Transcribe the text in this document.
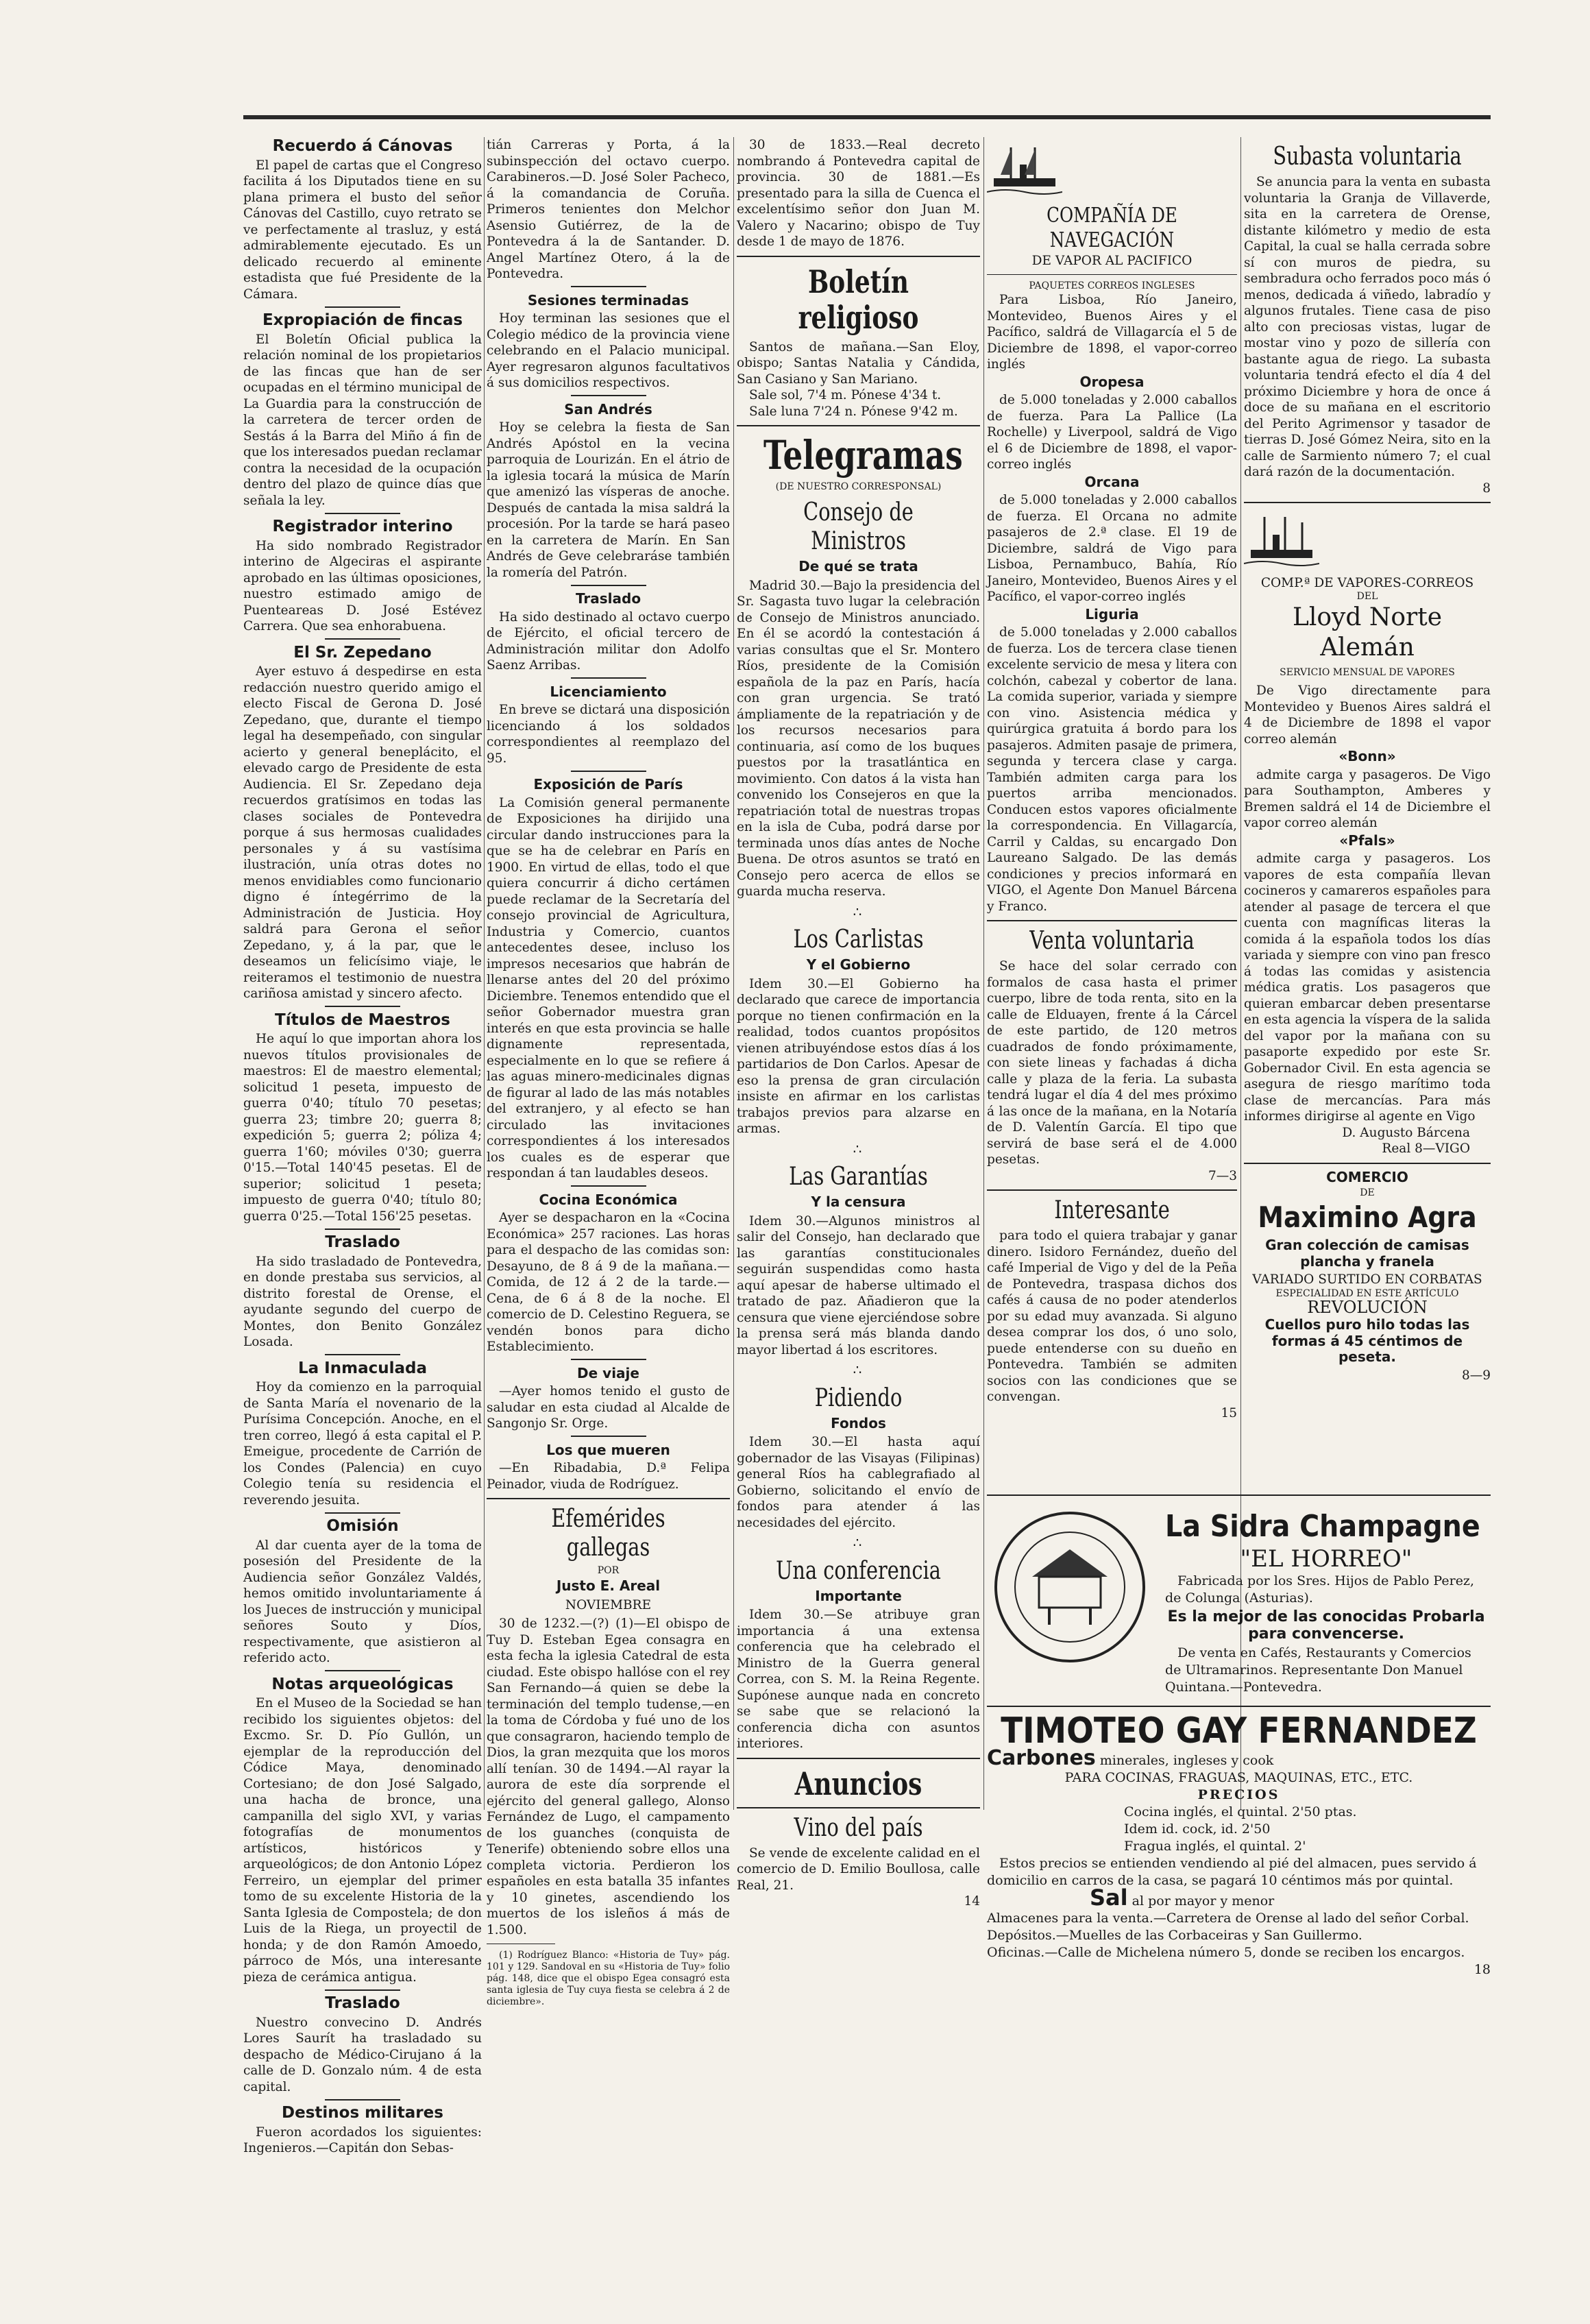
Recuerdo á Cánovas

El papel de cartas que el Congreso facilita á los Diputados tiene en su plana primera el busto del señor Cánovas del Castillo, cuyo retrato se ve perfectamente al trasluz, y está admirablemente ejecutado. Es un delicado recuerdo al eminente estadista que fué Presidente de la Cámara.

Expropiación de fincas

El Boletín Oficial publica la relación nominal de los propietarios de las fincas que han de ser ocupadas en el término municipal de La Guardia para la construcción de la carretera de tercer orden de Sestás á la Barra del Miño á fin de que los interesados puedan reclamar contra la necesidad de la ocupación dentro del plazo de quince días que señala la ley.

Registrador interino

Ha sido nombrado Registrador interino de Algeciras el aspirante aprobado en las últimas oposiciones, nuestro estimado amigo de Puenteareas D. José Estévez Carrera. Que sea enhorabuena.

El Sr. Zepedano

Ayer estuvo á despedirse en esta redacción nuestro querido amigo el electo Fiscal de Gerona D. José Zepedano, que, durante el tiempo legal ha desempeñado, con singular acierto y general beneplácito, el elevado cargo de Presidente de esta Audiencia. El Sr. Zepedano deja recuerdos gratísimos en todas las clases sociales de Pontevedra porque á sus hermosas cualidades personales y á su vastísima ilustración, unía otras dotes no menos envidiables como funcionario digno é íntegérrimo de la Administración de Justicia. Hoy saldrá para Gerona el señor Zepedano, y, á la par, que le deseamos un felicísimo viaje, le reiteramos el testimonio de nuestra cariñosa amistad y sincero afecto.

Títulos de Maestros

He aquí lo que importan ahora los nuevos títulos provisionales de maestros: El de maestro elemental; solicitud 1 peseta, impuesto de guerra 0'40; título 70 pesetas; guerra 23; timbre 20; guerra 8; expedición 5; guerra 2; póliza 4; guerra 1'60; móviles 0'30; guerra 0'15.—Total 140'45 pesetas. El de superior; solicitud 1 peseta; impuesto de guerra 0'40; título 80; guerra 0'25.—Total 156'25 pesetas.

Traslado

Ha sido trasladado de Pontevedra, en donde prestaba sus servicios, al distrito forestal de Orense, el ayudante segundo del cuerpo de Montes, don Benito González Losada.

La Inmaculada

Hoy da comienzo en la parroquial de Santa María el novenario de la Purísima Concepción. Anoche, en el tren correo, llegó á esta capital el P. Emeigue, procedente de Carrión de los Condes (Palencia) en cuyo Colegio tenía su residencia el reverendo jesuita.

Omisión

Al dar cuenta ayer de la toma de posesión del Presidente de la Audiencia señor González Valdés, hemos omitido involuntariamente á los Jueces de instrucción y municipal señores Souto y Díos, respectivamente, que asistieron al referido acto.

Notas arqueológicas

En el Museo de la Sociedad se han recibido los siguientes objetos: del Excmo. Sr. D. Pío Gullón, un ejemplar de la reproducción del Códice Maya, denominado Cortesiano; de don José Salgado, una hacha de bronce, una campanilla del siglo XVI, y varias fotografías de monumentos artísticos, históricos y arqueológicos; de don Antonio López Ferreiro, un ejemplar del primer tomo de su excelente Historia de la Santa Iglesia de Compostela; de don Luis de la Riega, un proyectil de honda; y de don Ramón Amoedo, párroco de Mós, una interesante pieza de cerámica antigua.

Traslado

Nuestro convecino D. Andrés Lores Saurít ha trasladado su despacho de Médico-Cirujano á la calle de D. Gonzalo núm. 4 de esta capital.

Destinos militares

Fueron acordados los siguientes: Ingenieros.—Capitán don Sebas-

tián Carreras y Porta, á la subinspección del octavo cuerpo. Carabineros.—D. José Soler Pacheco, á la comandancia de Coruña. Primeros tenientes don Melchor Asensio Gutiérrez, de la de Pontevedra á la de Santander. D. Angel Martínez Otero, á la de Pontevedra.

Sesiones terminadas

Hoy terminan las sesiones que el Colegio médico de la provincia viene celebrando en el Palacio municipal. Ayer regresaron algunos facultativos á sus domicilios respectivos.

San Andrés

Hoy se celebra la fiesta de San Andrés Apóstol en la vecina parroquia de Lourizán. En el átrio de la iglesia tocará la música de Marín que amenizó las vísperas de anoche. Después de cantada la misa saldrá la procesión. Por la tarde se hará paseo en la carretera de Marín. En San Andrés de Geve celebraráse también la romería del Patrón.

Traslado

Ha sido destinado al octavo cuerpo de Ejército, el oficial tercero de Administración militar don Adolfo Saenz Arribas.

Licenciamiento

En breve se dictará una disposición licenciando á los soldados correspondientes al reemplazo del 95.

Exposición de París

La Comisión general permanente de Exposiciones ha dirijido una circular dando instrucciones para la que se ha de celebrar en París en 1900. En virtud de ellas, todo el que quiera concurrir á dicho certámen puede reclamar de la Secretaría del consejo provincial de Agricultura, Industria y Comercio, cuantos antecedentes desee, incluso los impresos necesarios que habrán de llenarse antes del 20 del próximo Diciembre. Tenemos entendido que el señor Gobernador muestra gran interés en que esta provincia se halle dignamente representada, especialmente en lo que se refiere á las aguas minero-medicinales dignas de figurar al lado de las más notables del extranjero, y al efecto se han circulado las invitaciones correspondientes á los interesados los cuales es de esperar que respondan á tan laudables deseos.

Cocina Económica

Ayer se despacharon en la «Cocina Económica» 257 raciones. Las horas para el despacho de las comidas son: Desayuno, de 8 á 9 de la mañana.—Comida, de 12 á 2 de la tarde.—Cena, de 6 á 8 de la noche. El comercio de D. Celestino Reguera, se vendén bonos para dicho Establecimiento.

De viaje

—Ayer homos tenido el gusto de saludar en esta ciudad al Alcalde de Sangonjo Sr. Orge.

Los que mueren

—En Ribadabia, D.ª Felipa Peinador, viuda de Rodríguez.

Efemérides gallegas
POR
Justo E. Areal
NOVIEMBRE

30 de 1232.—(?) (1)—El obispo de Tuy D. Esteban Egea consagra en esta fecha la iglesia Catedral de esta ciudad. Este obispo hallóse con el rey San Fernando—á quien se debe la terminación del templo tudense,—en la toma de Córdoba y fué uno de los que consagraron, haciendo templo de Dios, la gran mezquita que los moros allí tenían. 30 de 1494.—Al rayar la aurora de este día sorprende el ejército del general gallego, Alonso Fernández de Lugo, el campamento de los guanches (conquista de Tenerife) obteniendo sobre ellos una completa victoria. Perdieron los españoles en esta batalla 35 infantes y 10 ginetes, ascendiendo los muertos de los isleños á más de 1.500.

(1) Rodríguez Blanco: «Historia de Tuy» pág. 101 y 129. Sandoval en su «Historia de Tuy» folio pág. 148, dice que el obispo Egea consagró esta santa iglesia de Tuy cuya fiesta se celebra á 2 de diciembre».

30 de 1833.—Real decreto nombrando á Pontevedra capital de provincia. 30 de 1881.—Es presentado para la silla de Cuenca el excelentísimo señor don Juan M. Valero y Nacarino; obispo de Tuy desde 1 de mayo de 1876.

Boletín religioso

Santos de mañana.—San Eloy, obispo; Santas Natalia y Cándida, San Casiano y San Mariano.

Sale sol, 7'4 m. Pónese 4'34 t.

Sale luna 7'24 n. Pónese 9'42 m.

Telegramas
(DE NUESTRO CORRESPONSAL)
Consejo de Ministros
De qué se trata

Madrid 30.—Bajo la presidencia del Sr. Sagasta tuvo lugar la celebración de Consejo de Ministros anunciado. En él se acordó la contestación á varias consultas que el Sr. Montero Ríos, presidente de la Comisión española de la paz en París, hacía con gran urgencia. Se trató ámpliamente de la repatriación y de los recursos necesarios para continuaria, así como de los buques puestos por la trasatlántica en movimiento. Con datos á la vista han convenido los Consejeros en que la repatriación total de nuestras tropas en la isla de Cuba, podrá darse por terminada unos días antes de Noche Buena. De otros asuntos se trató en Consejo pero acerca de ellos se guarda mucha reserva.

∴
Los Carlistas
Y el Gobierno

Idem 30.—El Gobierno ha declarado que carece de importancia porque no tienen confirmación en la realidad, todos cuantos propósitos vienen atribuyéndose estos días á los partidarios de Don Carlos. Apesar de eso la prensa de gran circulación insiste en afirmar en los carlistas trabajos previos para alzarse en armas.

∴
Las Garantías
Y la censura

Idem 30.—Algunos ministros al salir del Consejo, han declarado que las garantías constitucionales seguirán suspendidas como hasta aquí apesar de haberse ultimado el tratado de paz. Añadieron que la censura que viene ejerciéndose sobre la prensa será más blanda dando mayor libertad á los escritores.

∴
Pidiendo
Fondos

Idem 30.—El hasta aquí gobernador de las Visayas (Filipinas) general Ríos ha cablegrafiado al Gobierno, solicitando el envío de fondos para atender á las necesidades del ejército.

∴
Una conferencia
Importante

Idem 30.—Se atribuye gran importancia á una extensa conferencia que ha celebrado el Ministro de la Guerra general Correa, con S. M. la Reina Regente. Supónese aunque nada en concreto se sabe que se relacionó la conferencia dicha con asuntos interiores.

Anuncios
Vino del país

Se vende de excelente calidad en el comercio de D. Emilio Boullosa, calle Real, 21.

14
COMPAÑÍA DE NAVEGACIÓN
DE VAPOR AL PACIFICO
PAQUETES CORREOS INGLESES

Para Lisboa, Río Janeiro, Montevideo, Buenos Aires y el Pacífico, saldrá de Villagarcía el 5 de Diciembre de 1898, el vapor-correo inglés

Oropesa

de 5.000 toneladas y 2.000 caballos de fuerza. Para La Pallice (La Rochelle) y Liverpool, saldrá de Vigo el 6 de Diciembre de 1898, el vapor-correo inglés

Orcana

de 5.000 toneladas y 2.000 caballos de fuerza. El Orcana no admite pasajeros de 2.ª clase. El 19 de Diciembre, saldrá de Vigo para Lisboa, Pernambuco, Bahía, Río Janeiro, Montevideo, Buenos Aires y el Pacífico, el vapor-correo inglés

Liguria

de 5.000 toneladas y 2.000 caballos de fuerza. Los de tercera clase tienen excelente servicio de mesa y litera con colchón, cabezal y cobertor de lana. La comida superior, variada y siempre con vino. Asistencia médica y quirúrgica gratuita á bordo para los pasajeros. Admiten pasaje de primera, segunda y tercera clase y carga. También admiten carga para los puertos arriba mencionados. Conducen estos vapores oficialmente la correspondencia. En Villagarcía, Carril y Caldas, su encargado Don Laureano Salgado. De las demás condiciones y precios informará en VIGO, el Agente Don Manuel Bárcena y Franco.

Venta voluntaria

Se hace del solar cerrado con formalos de casa hasta el primer cuerpo, libre de toda renta, sito en la calle de Elduayen, frente á la Cárcel de este partido, de 120 metros cuadrados de fondo próximamente, con siete lineas y fachadas á dicha calle y plaza de la feria. La subasta tendrá lugar el día 4 del mes próximo á las once de la mañana, en la Notaría de D. Valentín García. El tipo que servirá de base será el de 4.000 pesetas.

7—3
Interesante

para todo el quiera trabajar y ganar dinero. Isidoro Fernández, dueño del café Imperial de Vigo y del de la Peña de Pontevedra, traspasa dichos dos cafés á causa de no poder atenderlos por su edad muy avanzada. Si alguno desea comprar los dos, ó uno solo, puede entenderse con su dueño en Pontevedra. También se admiten socios con las condiciones que se convengan.

15
Subasta voluntaria

Se anuncia para la venta en subasta voluntaria la Granja de Villaverde, sita en la carretera de Orense, distante kilómetro y medio de esta Capital, la cual se halla cerrada sobre sí con muros de piedra, su sembradura ocho ferrados poco más ó menos, dedicada á viñedo, labradío y algunos frutales. Tiene casa de piso alto con preciosas vistas, lugar de mostar vino y pozo de sillería con bastante agua de riego. La subasta voluntaria tendrá efecto el día 4 del próximo Diciembre y hora de once á doce de su mañana en el escritorio del Perito Agrimensor y tasador de tierras D. José Gómez Neira, sito en la calle de Sarmiento número 7; el cual dará razón de la documentación.

8
COMP.ª DE VAPORES-CORREOS
DEL
Lloyd Norte Alemán
SERVICIO MENSUAL DE VAPORES

De Vigo directamente para Montevideo y Buenos Aires saldrá el 4 de Diciembre de 1898 el vapor correo alemán

«Bonn»

admite carga y pasageros. De Vigo para Southampton, Amberes y Bremen saldrá el 14 de Diciembre el vapor correo alemán

«Pfals»

admite carga y pasageros. Los vapores de esta compañía llevan cocineros y camareros españoles para atender al pasage de tercera el que cuenta con magníficas literas la comida á la española todos los días variada y siempre con vino pan fresco á todas las comidas y asistencia médica gratis. Los pasageros que quieran embarcar deben presentarse en esta agencia la víspera de la salida del vapor por la mañana con su pasaporte expedido por este Sr. Gobernador Civil. En esta agencia se asegura de riesgo marítimo toda clase de mercancías. Para más informes dirigirse al agente en Vigo

D. Augusto Bárcena
Real 8—VIGO
COMERCIO
DE
Maximino Agra
Gran colección de camisas plancha y franela
VARIADO SURTIDO EN CORBATAS
ESPECIALIDAD EN ESTE ARTÍCULO
REVOLUCIÓN
Cuellos puro hilo todas las formas á 45 céntimos de peseta.
8—9
La Sidra Champagne
"EL HORREO"

Fabricada por los Sres. Hijos de Pablo Perez, de Colunga (Asturias).

Es la mejor de las conocidas Probarla para convencerse.

De venta en Cafés, Restaurants y Comercios de Ultramarinos. Representante Don Manuel Quintana.—Pontevedra.

TIMOTEO GAY FERNANDEZ
Carbones minerales, ingleses y cook
PARA COCINAS, FRAGUAS, MAQUINAS, ETC., ETC.
PRECIOS
Cocina inglés, el quintal. 2'50 ptas.
Idem id. cock, id. 2'50
Fragua inglés, el quintal. 2'

Estos precios se entienden vendiendo al pié del almacen, pues servido á domicilio en carros de la casa, se pagará 10 céntimos más por quintal.

Sal al por mayor y menor

Almacenes para la venta.—Carretera de Orense al lado del señor Corbal.

Depósitos.—Muelles de las Corbaceiras y San Guillermo.

Oficinas.—Calle de Michelena número 5, donde se reciben los encargos.

18
